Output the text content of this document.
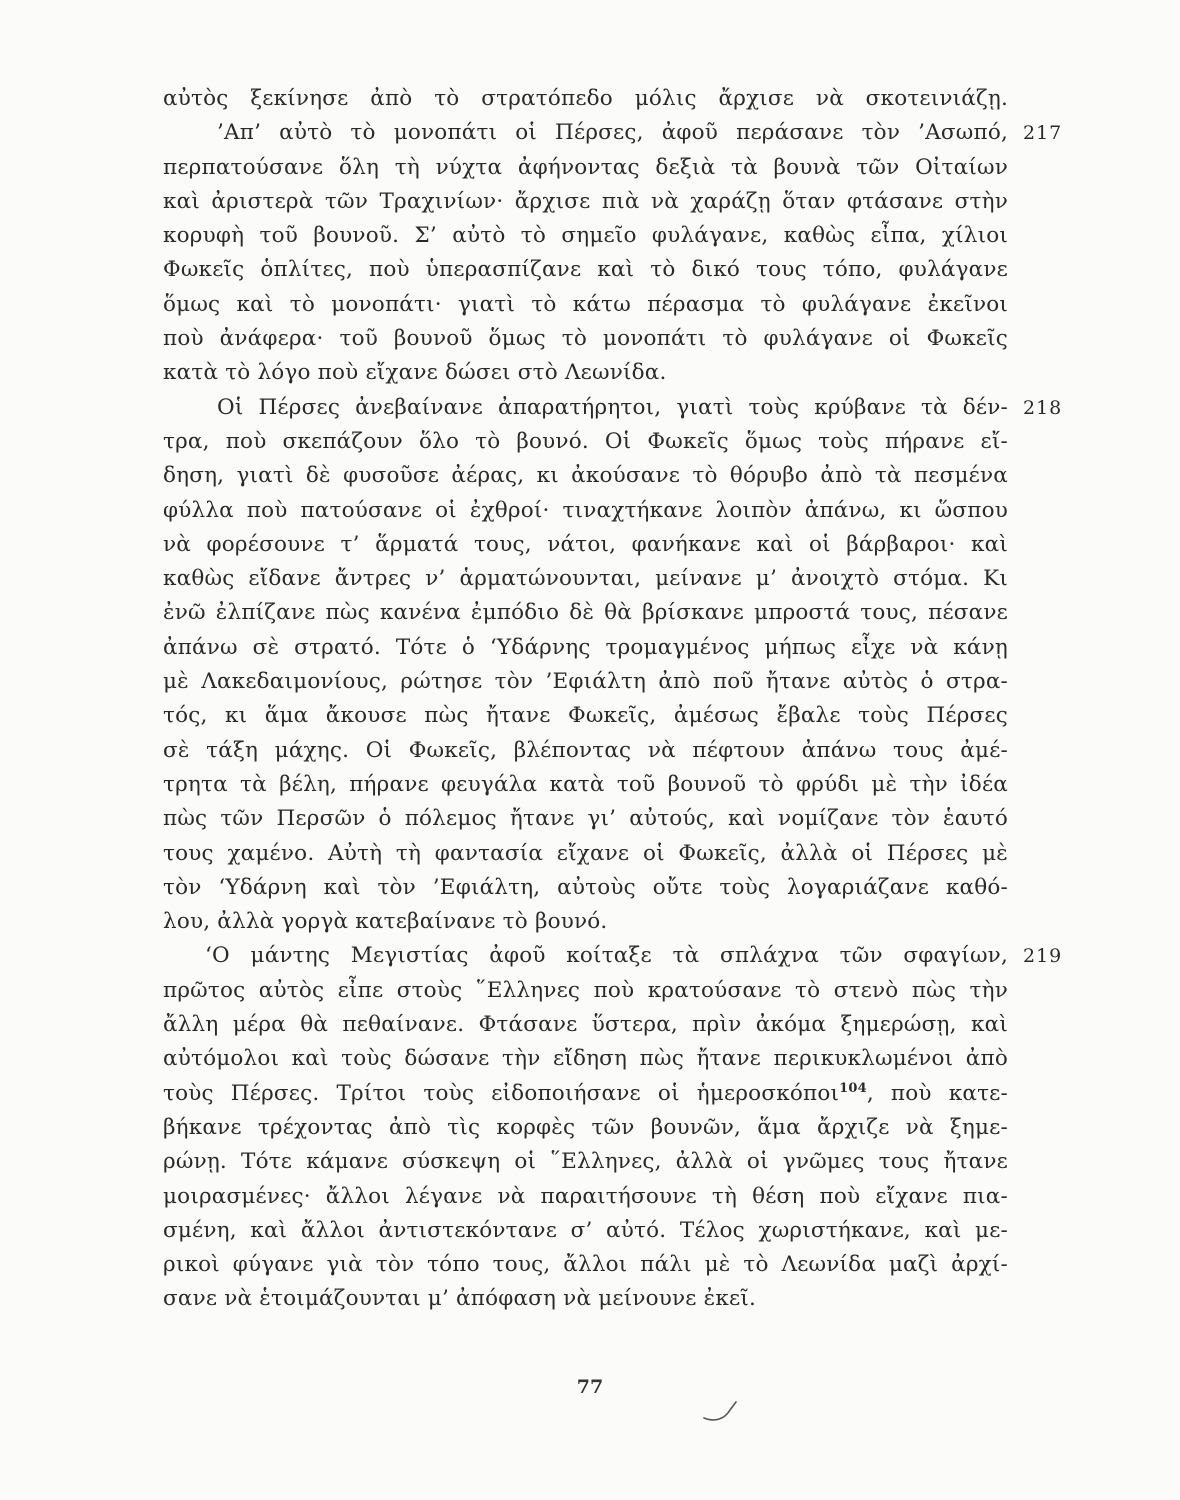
αὐτὸς ξεκίνησε ἀπὸ τὸ στρατόπεδο μόλις ἄρχισε νὰ σκοτεινιάζῃ.
’Απ’ αὐτὸ τὸ μονοπάτι οἱ Πέρσες, ἀφοῦ περάσανε τὸν ’Ασωπό, 217
περπατούσανε ὅλη τὴ νύχτα ἀφήνοντας δεξιὰ τὰ βουνὰ τῶν Οἰταίων
καὶ ἀριστερὰ τῶν Τραχινίων· ἄρχισε πιὰ νὰ χαράζῃ ὅταν φτάσανε στὴν
κορυφὴ τοῦ βουνοῦ. Σ’ αὐτὸ τὸ σημεῖο φυλάγανε, καθὼς εἶπα, χίλιοι
Φωκεῖς ὁπλίτες, ποὺ ὑπερασπίζανε καὶ τὸ δικό τους τόπο, φυλάγανε
ὅμως καὶ τὸ μονοπάτι· γιατὶ τὸ κάτω πέρασμα τὸ φυλάγανε ἐκεῖνοι
ποὺ ἀνάφερα· τοῦ βουνοῦ ὅμως τὸ μονοπάτι τὸ φυλάγανε οἱ Φωκεῖς
κατὰ τὸ λόγο ποὺ εἴχανε δώσει στὸ Λεωνίδα.
Οἱ Πέρσες ἀνεβαίνανε ἀπαρατήρητοι, γιατὶ τοὺς κρύβανε τὰ δέν- 218
τρα, ποὺ σκεπάζουν ὅλο τὸ βουνό. Οἱ Φωκεῖς ὅμως τοὺς πήρανε εἴ-
δηση, γιατὶ δὲ φυσοῦσε ἀέρας, κι ἀκούσανε τὸ θόρυβο ἀπὸ τὰ πεσμένα
φύλλα ποὺ πατούσανε οἱ ἐχθροί· τιναχτήκανε λοιπὸν ἀπάνω, κι ὥσπου
νὰ φορέσουνε τ’ ἅρματά τους, νάτοι, φανήκανε καὶ οἱ βάρβαροι· καὶ
καθὼς εἴδανε ἄντρες ν’ ἁρματώνουνται, μείνανε μ’ ἀνοιχτὸ στόμα. Κι
ἐνῶ ἐλπίζανε πὼς κανένα ἐμπόδιο δὲ θὰ βρίσκανε μπροστά τους, πέσανε
ἀπάνω σὲ στρατό. Τότε ὁ ‘Υδάρνης τρομαγμένος μήπως εἶχε νὰ κάνῃ
μὲ Λακεδαιμονίους, ρώτησε τὸν ’Εφιάλτη ἀπὸ ποῦ ἤτανε αὐτὸς ὁ στρα-
τός, κι ἅμα ἄκουσε πὼς ἤτανε Φωκεῖς, ἀμέσως ἔβαλε τοὺς Πέρσες
σὲ τάξη μάχης. Οἱ Φωκεῖς, βλέποντας νὰ πέφτουν ἀπάνω τους ἀμέ-
τρητα τὰ βέλη, πήρανε φευγάλα κατὰ τοῦ βουνοῦ τὸ φρύδι μὲ τὴν ἰδέα
πὼς τῶν Περσῶν ὁ πόλεμος ἤτανε γι’ αὐτούς, καὶ νομίζανε τὸν ἑαυτό
τους χαμένο. Αὐτὴ τὴ φαντασία εἴχανε οἱ Φωκεῖς, ἀλλὰ οἱ Πέρσες μὲ
τὸν ‘Υδάρνη καὶ τὸν ’Εφιάλτη, αὐτοὺς οὔτε τοὺς λογαριάζανε καθό-
λου, ἀλλὰ γοργὰ κατεβαίνανε τὸ βουνό.
‘Ο μάντης Μεγιστίας ἀφοῦ κοίταξε τὰ σπλάχνα τῶν σφαγίων, 219
πρῶτος αὐτὸς εἶπε στοὺς ῞Ελληνες ποὺ κρατούσανε τὸ στενὸ πὼς τὴν
ἄλλη μέρα θὰ πεθαίνανε. Φτάσανε ὕστερα, πρὶν ἀκόμα ξημερώσῃ, καὶ
αὐτόμολοι καὶ τοὺς δώσανε τὴν εἴδηση πὼς ἤτανε περικυκλωμένοι ἀπὸ
τοὺς Πέρσες. Τρίτοι τοὺς εἰδοποιήσανε οἱ ἡμεροσκόποι$^{104}$, ποὺ κατε-
βήκανε τρέχοντας ἀπὸ τὶς κορφὲς τῶν βουνῶν, ἅμα ἄρχιζε νὰ ξημε-
ρώνῃ. Τότε κάμανε σύσκεψη οἱ ῞Ελληνες, ἀλλὰ οἱ γνῶμες τους ἤτανε
μοιρασμένες· ἄλλοι λέγανε νὰ παραιτήσουνε τὴ θέση ποὺ εἴχανε πια-
σμένη, καὶ ἄλλοι ἀντιστεκόντανε σ’ αὐτό. Τέλος χωριστήκανε, καὶ με-
ρικοὶ φύγανε γιὰ τὸν τόπο τους, ἄλλοι πάλι μὲ τὸ Λεωνίδα μαζὶ ἀρχί-
σανε νὰ ἑτοιμάζουνται μ’ ἀπόφαση νὰ μείνουνε ἐκεῖ.
77
